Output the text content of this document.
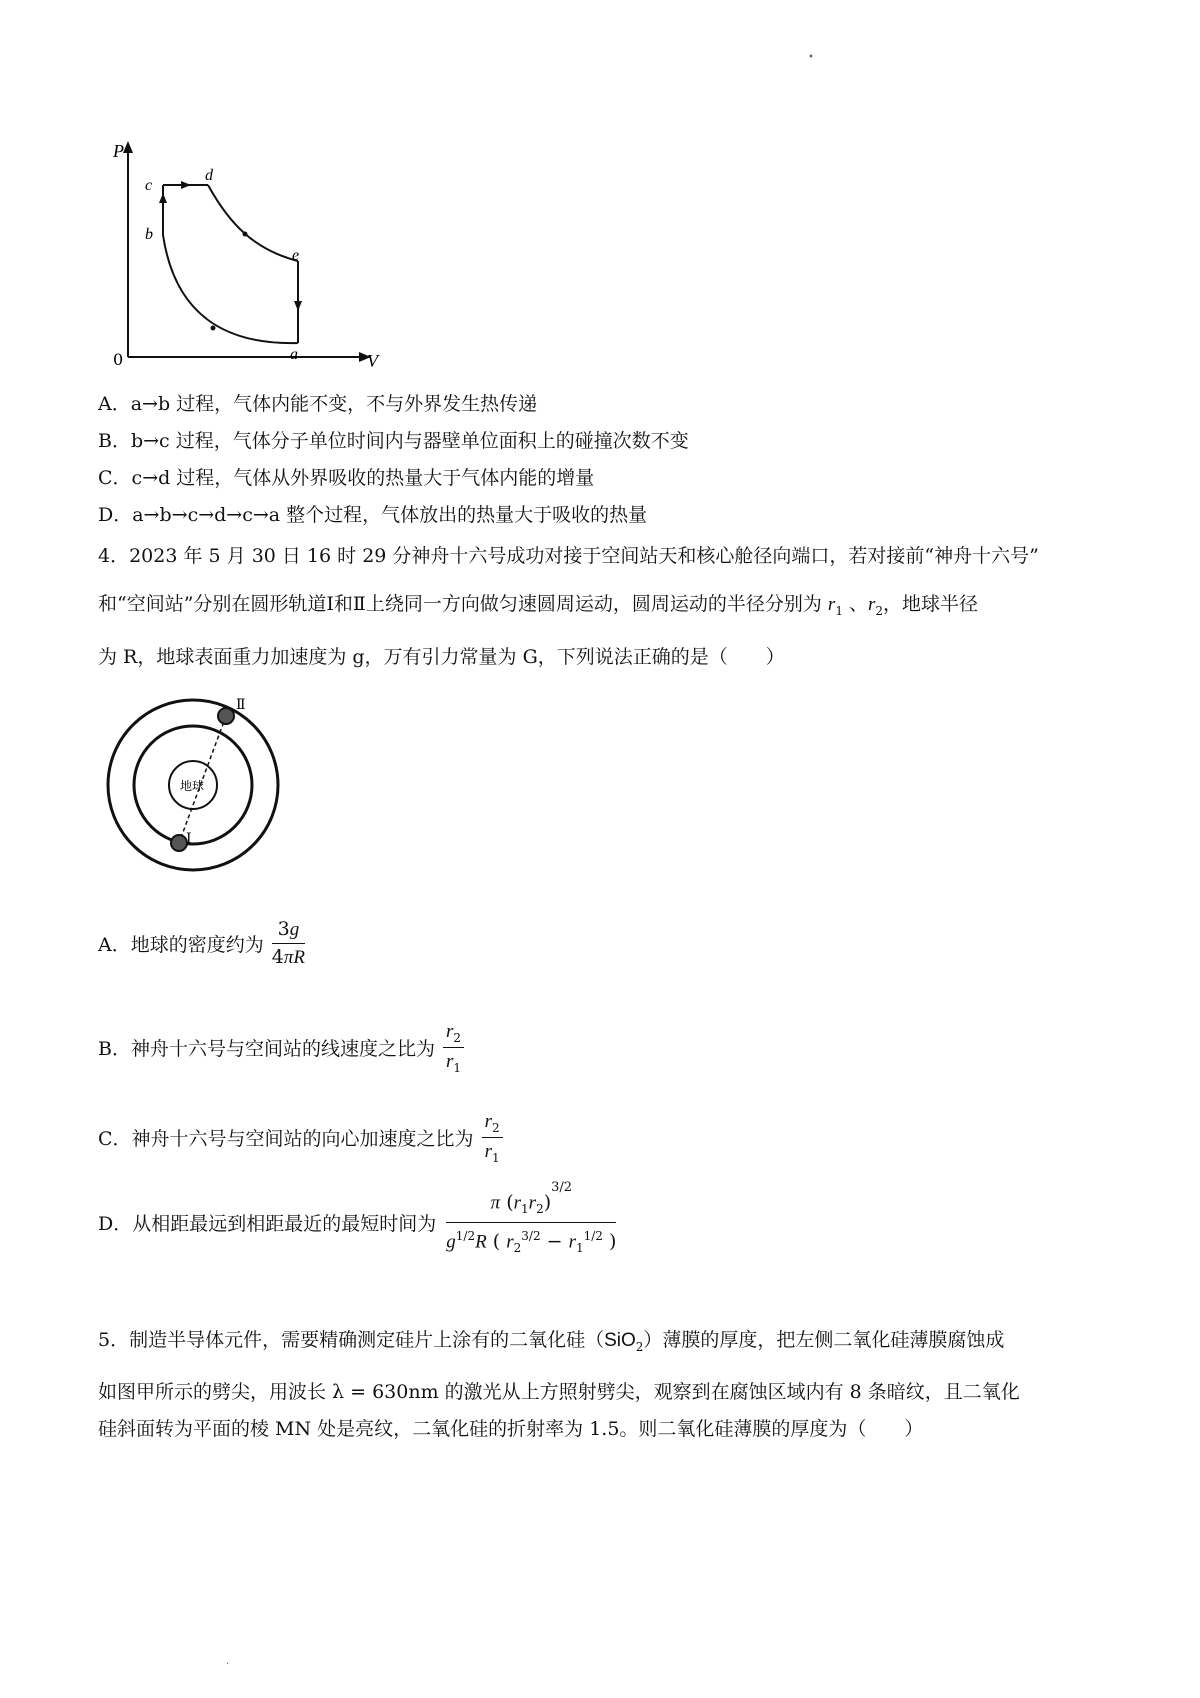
•
.
P
V
0	a
b
c
d
e
A．a→b 过程，气体内能不变，不与外界发生热传递
B．b→c 过程，气体分子单位时间内与器壁单位面积上的碰撞次数不变
C．c→d 过程，气体从外界吸收的热量大于气体内能的增量
D．a→b→c→d→c→a 整个过程，气体放出的热量大于吸收的热量
4．2023 年 5 月 30 日 16 时 29 分神舟十六号成功对接于空间站天和核心舱径向端口，若对接前“神舟十六号”
和“空间站”分别在圆形轨道Ⅰ和Ⅱ上绕同一方向做匀速圆周运动，圆周运动的半径分别为 $r_1$ 、$r_2$，地球半径
为 R，地球表面重力加速度为 g，万有引力常量为 G，下列说法正确的是（　　）
Ⅱ
Ⅰ
地球
A．地球的密度约为 $\frac{3g}{4\pi R}$
B．神舟十六号与空间站的线速度之比为 $\frac{r_2}{r_1}$
C．神舟十六号与空间站的向心加速度之比为 $\frac{r_2}{r_1}$
D．从相距最远到相距最近的最短时间为 $\frac{\pi (r_1r_2)^{3/2}}{g^{1/2}R ( r_2^{3/2} - r_1^{1/2} )}$
5．制造半导体元件，需要精确测定硅片上涂有的二氧化硅（SiO$_2$）薄膜的厚度，把左侧二氧化硅薄膜腐蚀成
如图甲所示的劈尖，用波长 λ = 630nm 的激光从上方照射劈尖，观察到在腐蚀区域内有 8 条暗纹，且二氧化
硅斜面转为平面的棱 MN 处是亮纹，二氧化硅的折射率为 1.5。则二氧化硅薄膜的厚度为（　　）
